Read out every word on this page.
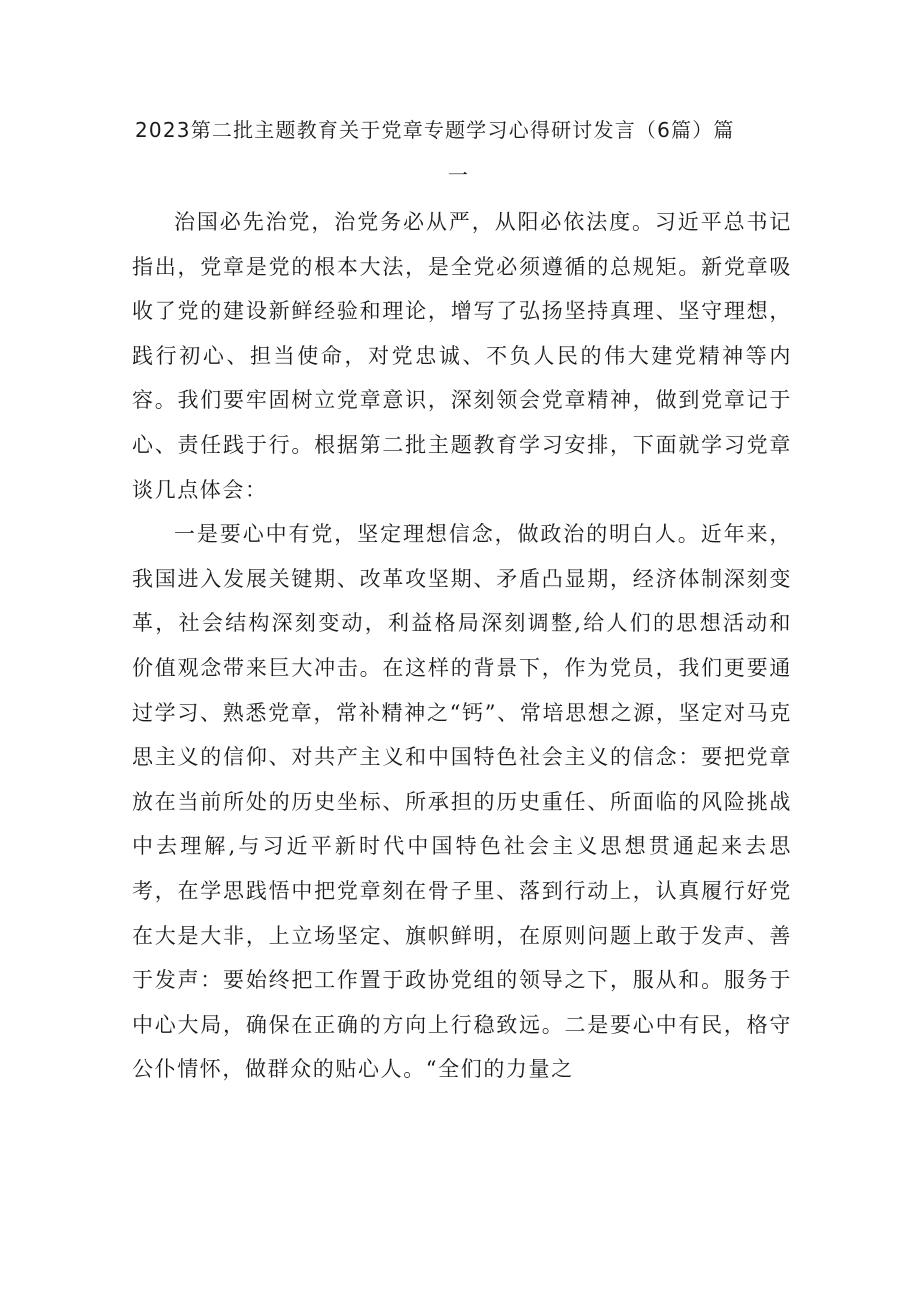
2023第二批主题教育关于党章专题学习心得研讨发言（6篇）篇
一

治国必先治党，治党务必从严，从阳必依法度。习近平总书记指出，党章是党的根本大法，是全党必须遵循的总规矩。新党章吸收了党的建设新鲜经验和理论，增写了弘扬坚持真理、坚守理想，践行初心、担当使命，对党忠诚、不负人民的伟大建党精神等内容。我们要牢固树立党章意识，深刻领会党章精神，做到党章记于心、责任践于行。根据第二批主题教育学习安排，下面就学习党章谈几点体会：

一是要心中有党，坚定理想信念，做政治的明白人。近年来，我国进入发展关键期、改革攻坚期、矛盾凸显期，经济体制深刻变革，社会结构深刻变动，利益格局深刻调整,给人们的思想活动和价值观念带来巨大冲击。在这样的背景下，作为党员，我们更要通过学习、熟悉党章，常补精神之“钙”、常培思想之源，坚定对马克思主义的信仰、对共产主义和中国特色社会主义的信念：要把党章放在当前所处的历史坐标、所承担的历史重任、所面临的风险挑战中去理解,与习近平新时代中国特色社会主义思想贯通起来去思考，在学思践悟中把党章刻在骨子里、落到行动上，认真履行好党在大是大非，上立场坚定、旗帜鲜明，在原则问题上敢于发声、善于发声：要始终把工作置于政协党组的领导之下，服从和。服务于中心大局，确保在正确的方向上行稳致远。二是要心中有民，格守公仆情怀，做群众的贴心人。“全们的力量之
